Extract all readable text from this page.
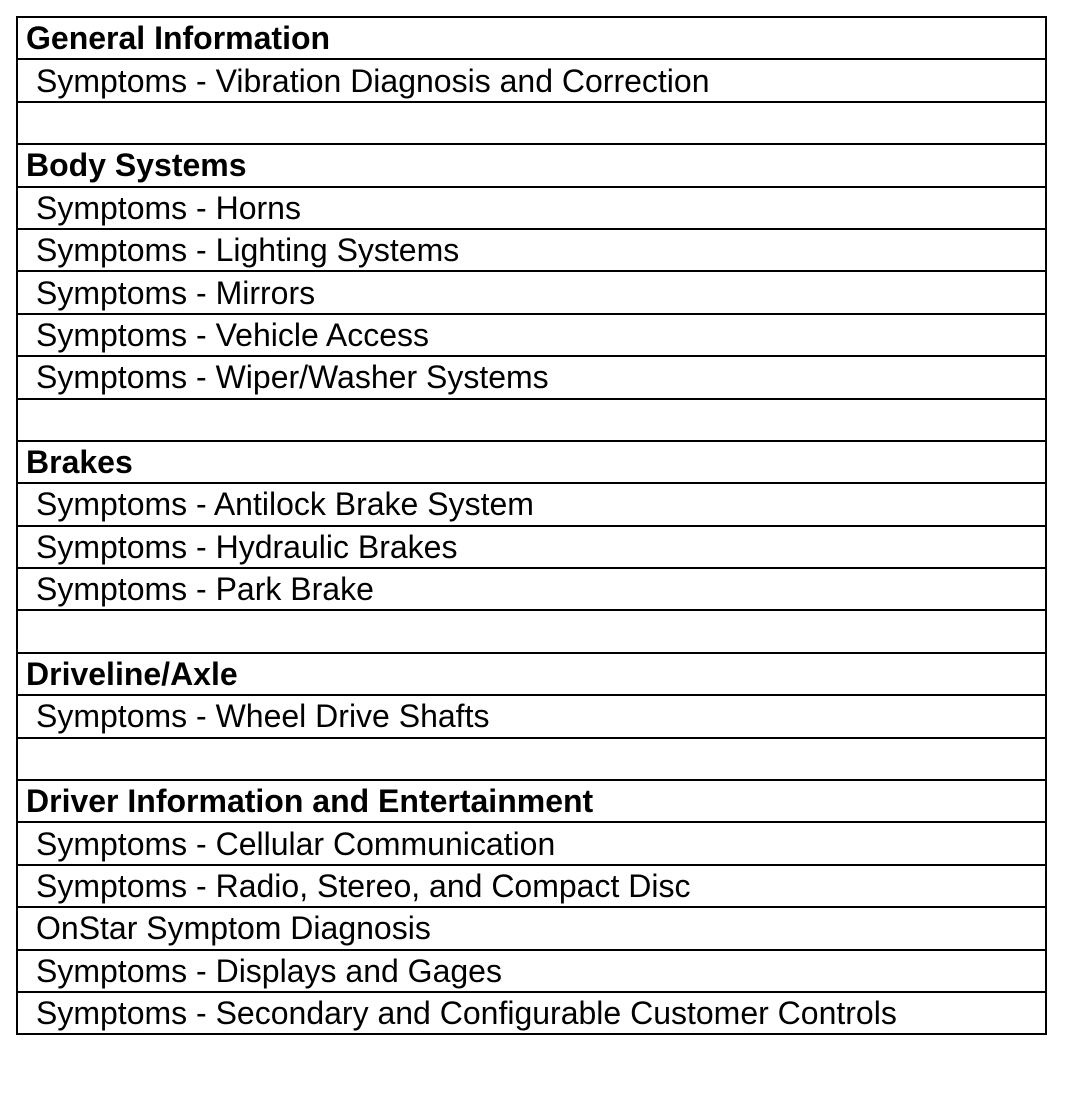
General Information
Symptoms - Vibration Diagnosis and Correction

Body Systems
Symptoms - Horns
Symptoms - Lighting Systems
Symptoms - Mirrors
Symptoms - Vehicle Access
Symptoms - Wiper/Washer Systems

Brakes
Symptoms - Antilock Brake System
Symptoms - Hydraulic Brakes
Symptoms - Park Brake

Driveline/Axle
Symptoms - Wheel Drive Shafts

Driver Information and Entertainment
Symptoms - Cellular Communication
Symptoms - Radio, Stereo, and Compact Disc
OnStar Symptom Diagnosis
Symptoms - Displays and Gages
Symptoms - Secondary and Configurable Customer Controls
